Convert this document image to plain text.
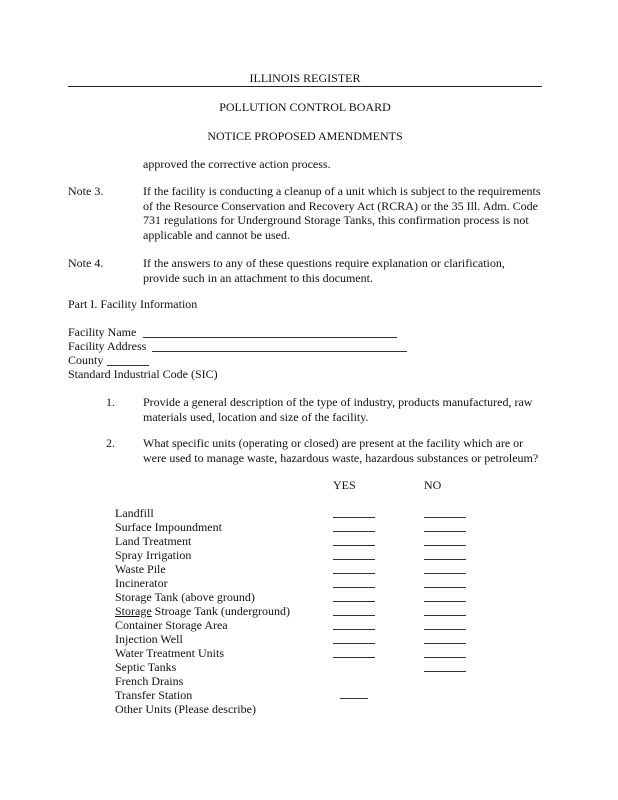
ILLINOIS REGISTER
POLLUTION CONTROL BOARD
NOTICE PROPOSED AMENDMENTS
approved the corrective action process.
Note 3.	If the facility is conducting a cleanup of a unit which is subject to the requirements of the Resource Conservation and Recovery Act (RCRA) or the 35 Ill. Adm. Code 731 regulations for Underground Storage Tanks, this confirmation process is not applicable and cannot be used.
Note 4.	If the answers to any of these questions require explanation or clarification, provide such in an attachment to this document.
Part I. Facility Information
Facility Name
Facility Address
County
Standard Industrial Code (SIC)
1. Provide a general description of the type of industry, products manufactured, raw materials used, location and size of the facility.
2. What specific units (operating or closed) are present at the facility which are or were used to manage waste, hazardous waste, hazardous substances or petroleum?
YES	NO
Landfill
Surface Impoundment
Land Treatment
Spray Irrigation
Waste Pile
Incinerator
Storage Tank (above ground)
Storage Stroage Tank (underground)
Container Storage Area
Injection Well
Water Treatment Units
Septic Tanks
French Drains
Transfer Station
Other Units (Please describe)
